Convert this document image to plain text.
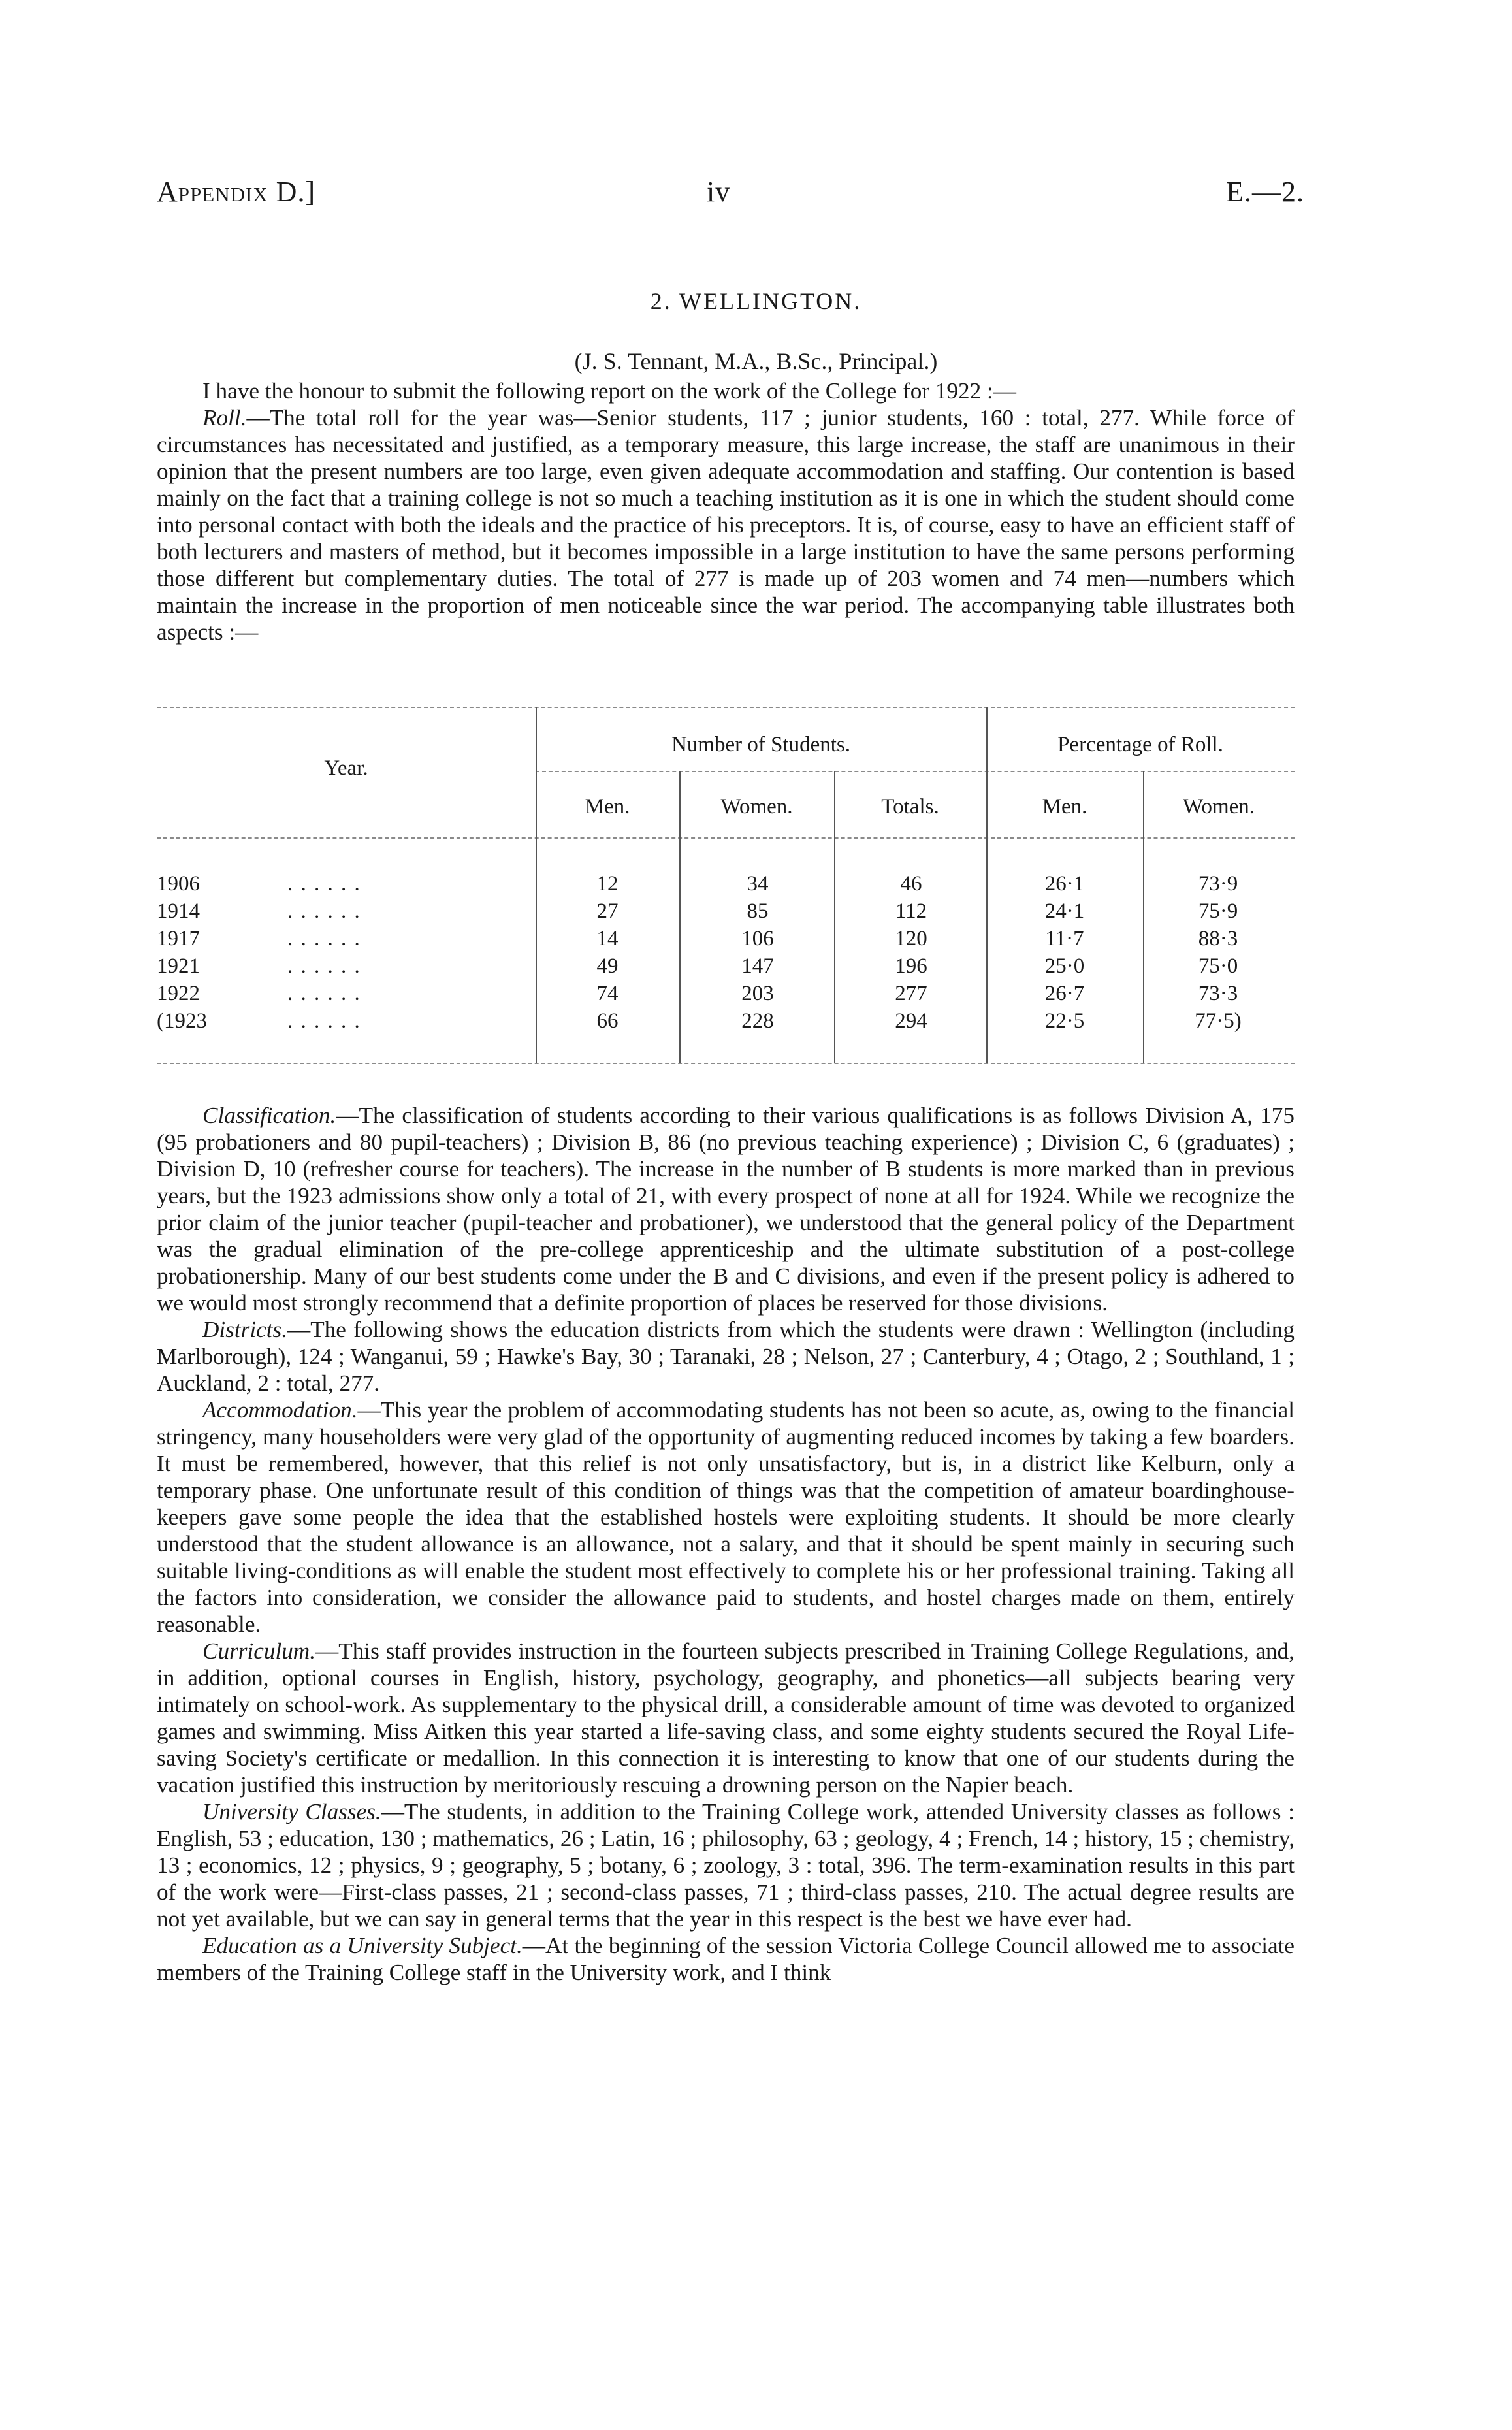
Appendix D.]	iv	E.—2.
2. WELLINGTON.
(J. S. Tennant, M.A., B.Sc., Principal.)

I have the honour to submit the following report on the work of the College for 1922 :—

Roll.—The total roll for the year was—Senior students, 117 ; junior students, 160 : total, 277. While force of circumstances has necessitated and justified, as a temporary measure, this large increase, the staff are unanimous in their opinion that the present numbers are too large, even given adequate accommodation and staffing. Our contention is based mainly on the fact that a training college is not so much a teaching institution as it is one in which the student should come into personal contact with both the ideals and the practice of his preceptors. It is, of course, easy to have an efficient staff of both lecturers and masters of method, but it becomes impossible in a large institution to have the same persons performing those different but complementary duties. The total of 277 is made up of 203 women and 74 men—numbers which maintain the increase in the proportion of men noticeable since the war period. The accompanying table illustrates both aspects :—

Year.
Number of Students.	Percentage of Roll.
Men.	Women.	Totals.	Men.	Women.
1906	. . . . . .	12	34	46	26·1	73·9
1914	. . . . . .	27	85	112	24·1	75·9
1917	. . . . . .	14	106	120	11·7	88·3
1921	. . . . . .	49	147	196	25·0	75·0
1922	. . . . . .	74	203	277	26·7	73·3
(1923	. . . . . .	66	228	294	22·5	77·5)

Classification.—The classification of students according to their various qualifications is as follows Division A, 175 (95 probationers and 80 pupil-teachers) ; Division B, 86 (no previous teaching experience) ; Division C, 6 (graduates) ; Division D, 10 (refresher course for teachers). The increase in the number of B students is more marked than in previous years, but the 1923 admissions show only a total of 21, with every prospect of none at all for 1924. While we recognize the prior claim of the junior teacher (pupil-teacher and probationer), we understood that the general policy of the Department was the gradual elimination of the pre-college apprenticeship and the ultimate substitution of a post-college probationership. Many of our best students come under the B and C divisions, and even if the present policy is adhered to we would most strongly recommend that a definite proportion of places be reserved for those divisions.

Districts.—The following shows the education districts from which the students were drawn : Wellington (including Marlborough), 124 ; Wanganui, 59 ; Hawke's Bay, 30 ; Taranaki, 28 ; Nelson, 27 ; Canterbury, 4 ; Otago, 2 ; Southland, 1 ; Auckland, 2 : total, 277.

Accommodation.—This year the problem of accommodating students has not been so acute, as, owing to the financial stringency, many householders were very glad of the opportunity of augmenting reduced incomes by taking a few boarders. It must be remembered, however, that this relief is not only unsatisfactory, but is, in a district like Kelburn, only a temporary phase. One unfortunate result of this condition of things was that the competition of amateur boardinghouse-keepers gave some people the idea that the established hostels were exploiting students. It should be more clearly understood that the student allowance is an allowance, not a salary, and that it should be spent mainly in securing such suitable living-conditions as will enable the student most effectively to complete his or her professional training. Taking all the factors into consideration, we consider the allowance paid to students, and hostel charges made on them, entirely reasonable.

Curriculum.—This staff provides instruction in the fourteen subjects prescribed in Training College Regulations, and, in addition, optional courses in English, history, psychology, geography, and phonetics—all subjects bearing very intimately on school-work. As supplementary to the physical drill, a considerable amount of time was devoted to organized games and swimming. Miss Aitken this year started a life-saving class, and some eighty students secured the Royal Life-saving Society's certificate or medallion. In this connection it is interesting to know that one of our students during the vacation justified this instruction by meritoriously rescuing a drowning person on the Napier beach.

University Classes.—The students, in addition to the Training College work, attended University classes as follows : English, 53 ; education, 130 ; mathematics, 26 ; Latin, 16 ; philosophy, 63 ; geology, 4 ; French, 14 ; history, 15 ; chemistry, 13 ; economics, 12 ; physics, 9 ; geography, 5 ; botany, 6 ; zoology, 3 : total, 396. The term-examination results in this part of the work were—First-class passes, 21 ; second-class passes, 71 ; third-class passes, 210. The actual degree results are not yet available, but we can say in general terms that the year in this respect is the best we have ever had.

Education as a University Subject.—At the beginning of the session Victoria College Council allowed me to associate members of the Training College staff in the University work, and I think
